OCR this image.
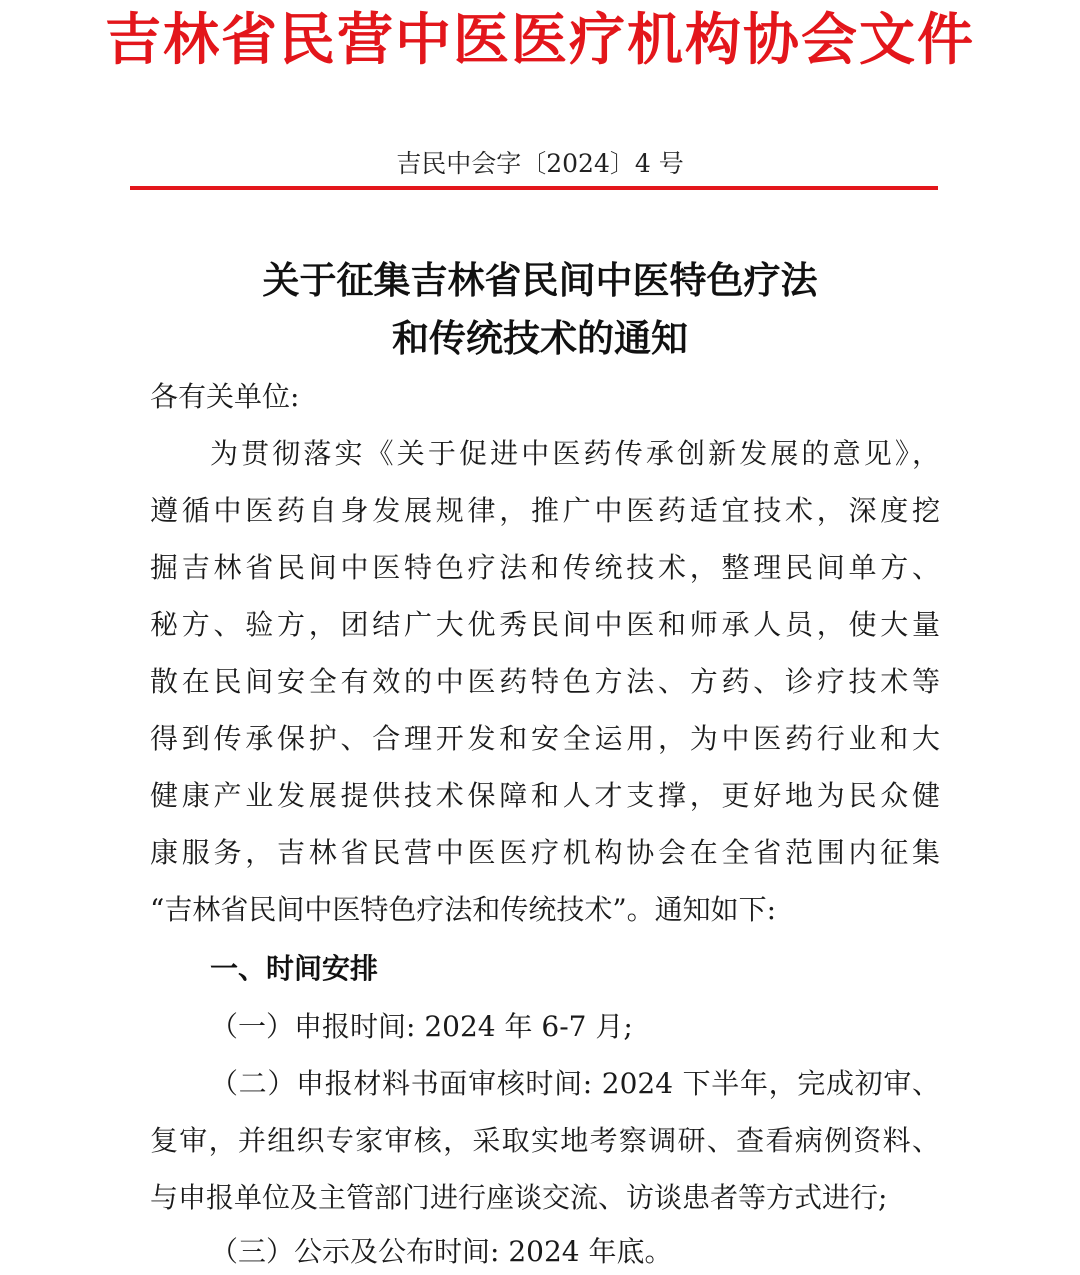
吉林省民营中医医疗机构协会文件
吉民中会字〔2024〕4 号
关于征集吉林省民间中医特色疗法
和传统技术的通知
各有关单位:
为贯彻落实《关于促进中医药传承创新发展的意见》，
遵循中医药自身发展规律，推广中医药适宜技术，深度挖
掘吉林省民间中医特色疗法和传统技术，整理民间单方、
秘方、验方，团结广大优秀民间中医和师承人员，使大量
散在民间安全有效的中医药特色方法、方药、诊疗技术等
得到传承保护、合理开发和安全运用，为中医药行业和大
健康产业发展提供技术保障和人才支撑，更好地为民众健
康服务，吉林省民营中医医疗机构协会在全省范围内征集
“吉林省民间中医特色疗法和传统技术”。通知如下:
一、时间安排
（一）申报时间: 2024 年 6-7 月;
（二）申报材料书面审核时间: 2024 下半年，完成初审、
复审，并组织专家审核，采取实地考察调研、查看病例资料、
与申报单位及主管部门进行座谈交流、访谈患者等方式进行;
（三）公示及公布时间: 2024 年底。
